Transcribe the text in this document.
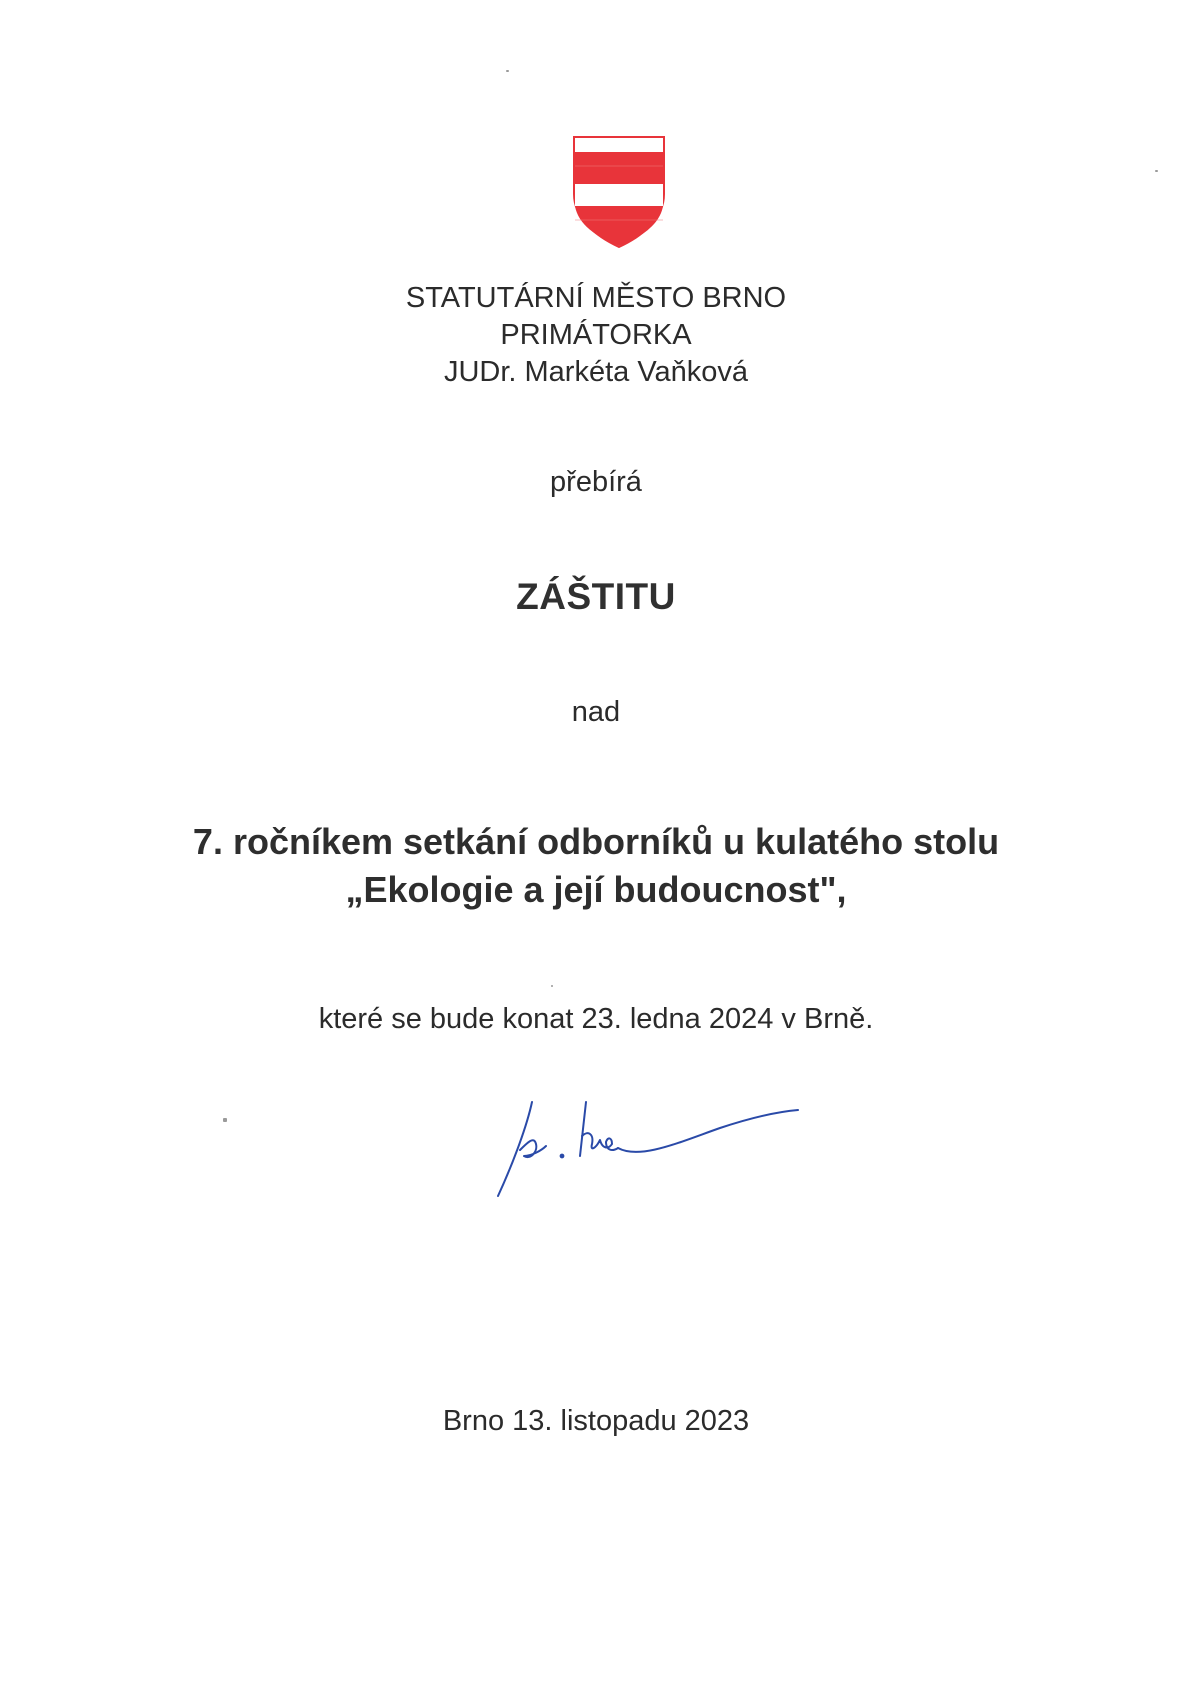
STATUTÁRNÍ MĚSTO BRNO
PRIMÁTORKA
JUDr. Markéta Vaňková
přebírá
ZÁŠTITU
nad
7. ročníkem setkání odborníků u kulatého stolu
„Ekologie a její budoucnost",
které se bude konat 23. ledna 2024 v Brně.
Brno 13. listopadu 2023
